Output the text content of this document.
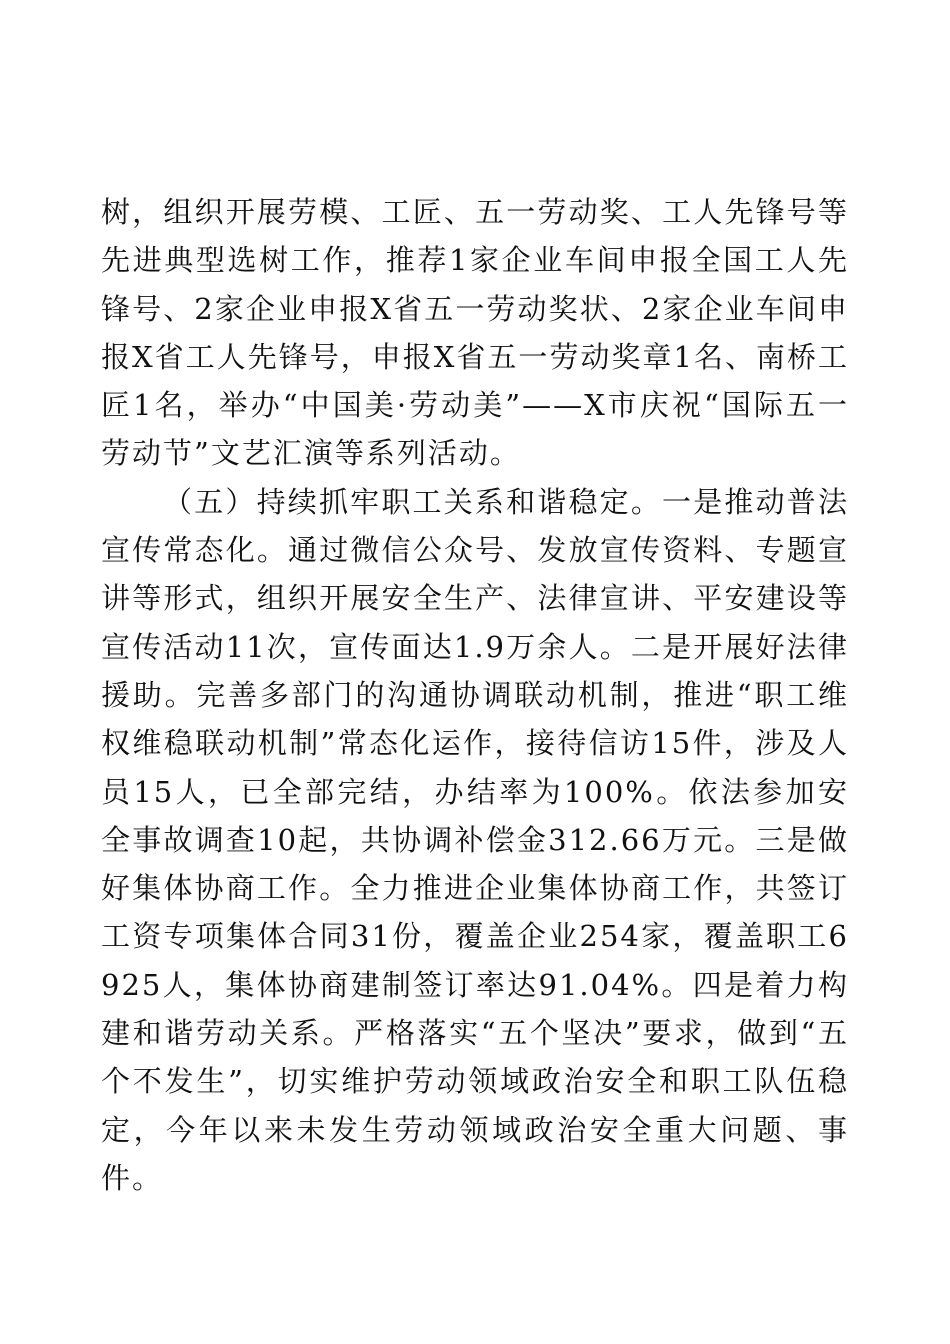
树，组织开展劳模、工匠、五一劳动奖、工人先锋号等先进典型选树工作，推荐1家企业车间申报全国工人先锋号、2家企业申报X省五一劳动奖状、2家企业车间申报X省工人先锋号，申报X省五一劳动奖章1名、南桥工匠1名，举办“中国美·劳动美”——X市庆祝“国际五一劳动节”文艺汇演等系列活动。

（五）持续抓牢职工关系和谐稳定。一是推动普法宣传常态化。通过微信公众号、发放宣传资料、专题宣讲等形式，组织开展安全生产、法律宣讲、平安建设等宣传活动11次，宣传面达1.9万余人。二是开展好法律援助。完善多部门的沟通协调联动机制，推进“职工维权维稳联动机制”常态化运作，接待信访15件，涉及人员15人，已全部完结，办结率为100%。依法参加安全事故调查10起，共协调补偿金312.66万元。三是做好集体协商工作。全力推进企业集体协商工作，共签订工资专项集体合同31份，覆盖企业254家，覆盖职工6925人，集体协商建制签订率达91.04%。四是着力构建和谐劳动关系。严格落实“五个坚决”要求，做到“五个不发生”，切实维护劳动领域政治安全和职工队伍稳定，今年以来未发生劳动领域政治安全重大问题、事件。
